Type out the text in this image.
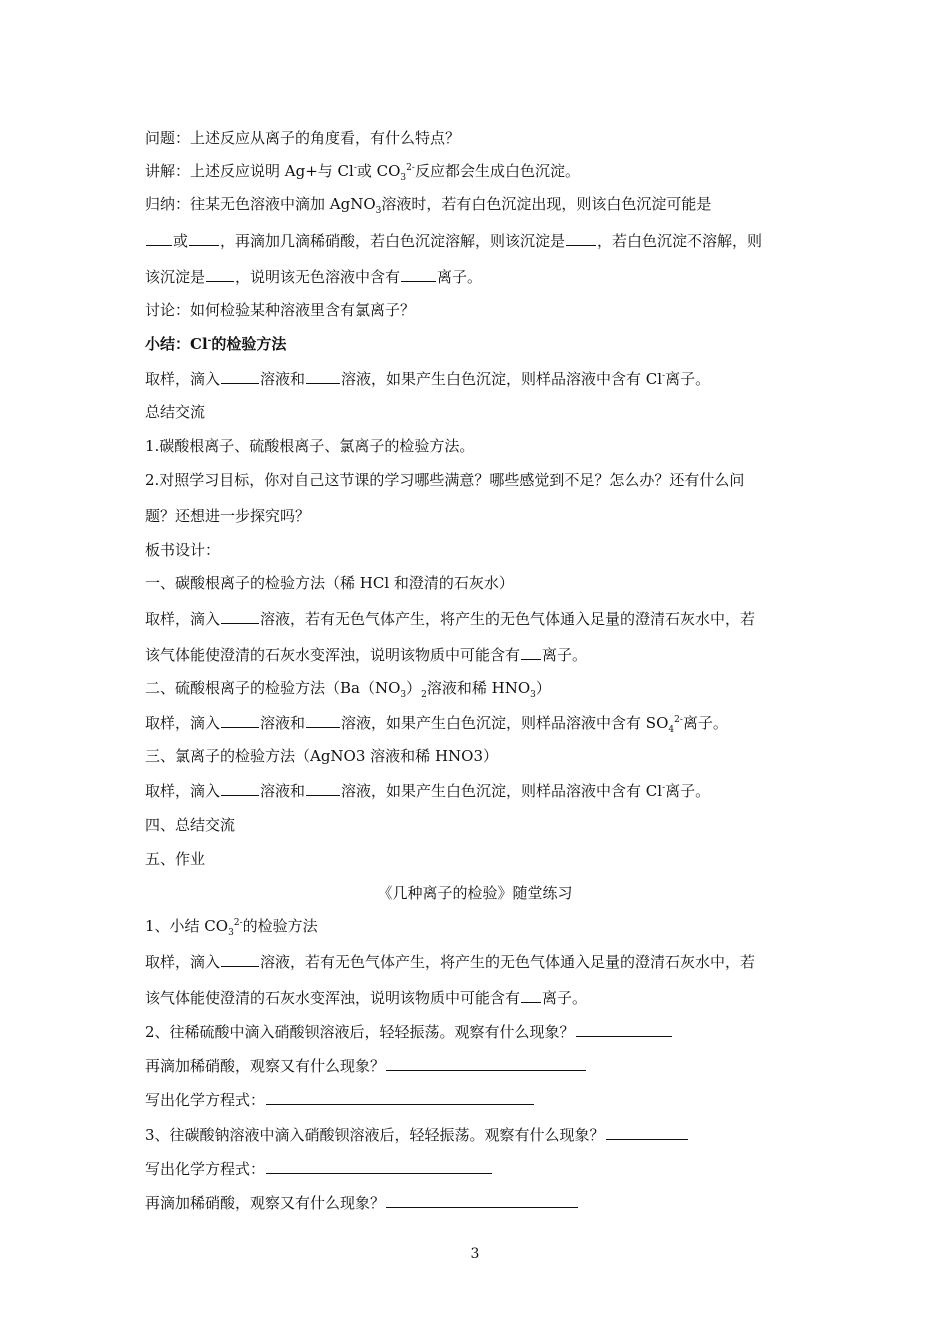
问题：上述反应从离子的角度看，有什么特点？
讲解：上述反应说明 Ag+与 Cl-或 $CO_3^{2-}$反应都会生成白色沉淀。
归纳：往某无色溶液中滴加 AgNO$_3$溶液时，若有白色沉淀出现，则该白色沉淀可能是
或 ，再滴加几滴稀硝酸，若白色沉淀溶解，则该沉淀是 ，若白色沉淀不溶解，则
该沉淀是 ，说明该无色溶液中含有 离子。
讨论：如何检验某种溶液里含有氯离子？
小结：Cl-的检验方法
取样，滴入	溶液和 溶液，如果产生白色沉淀，则样品溶液中含有 Cl-离子。
总结交流
1.碳酸根离子、硫酸根离子、氯离子的检验方法。
2.对照学习目标，你对自己这节课的学习哪些满意？哪些感觉到不足？怎么办？还有什么问
题？还想进一步探究吗？
板书设计：
一、碳酸根离子的检验方法（稀 HCl 和澄清的石灰水）
取样，滴入	溶液，若有无色气体产生，将产生的无色气体通入足量的澄清石灰水中，若
该气体能使澄清的石灰水变浑浊，说明该物质中可能含有 离子。
二、硫酸根离子的检验方法（$Ba(NO_3)_2$溶液和稀 $HNO_3$）
取样，滴入	溶液和 溶液，如果产生白色沉淀，则样品溶液中含有 $SO_4^{2-}$离子。
三、氯离子的检验方法（AgNO3 溶液和稀 HNO3）
取样，滴入	溶液和 溶液，如果产生白色沉淀，则样品溶液中含有 Cl-离子。
四、总结交流
五、作业
《几种离子的检验》随堂练习
1、小结 $CO_3^{2-}$的检验方法
取样，滴入	溶液，若有无色气体产生，将产生的无色气体通入足量的澄清石灰水中，若
该气体能使澄清的石灰水变浑浊，说明该物质中可能含有 离子。
2、往稀硫酸中滴入硝酸钡溶液后，轻轻振荡。观察有什么现象？
再滴加稀硝酸，观察又有什么现象？
写出化学方程式：
3、往碳酸钠溶液中滴入硝酸钡溶液后，轻轻振荡。观察有什么现象？
写出化学方程式：
再滴加稀硝酸，观察又有什么现象？
3
